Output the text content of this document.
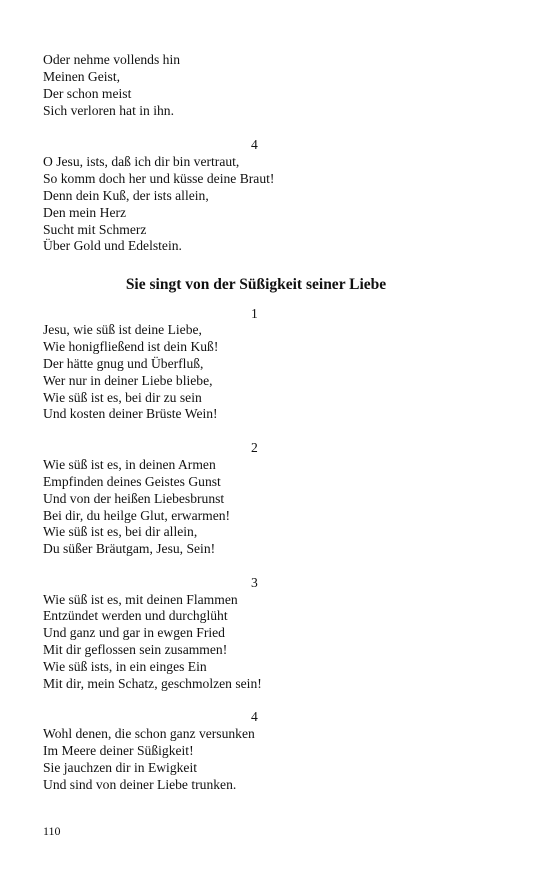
Oder nehme vollends hin
Meinen Geist,
Der schon meist
Sich verloren hat in ihn.
4
O Jesu, ists, daß ich dir bin vertraut,
So komm doch her und küsse deine Braut!
Denn dein Kuß, der ists allein,
Den mein Herz
Sucht mit Schmerz
Über Gold und Edelstein.
Sie singt von der Süßigkeit seiner Liebe
1
Jesu, wie süß ist deine Liebe,
Wie honigfließend ist dein Kuß!
Der hätte gnug und Überfluß,
Wer nur in deiner Liebe bliebe,
Wie süß ist es, bei dir zu sein
Und kosten deiner Brüste Wein!
2
Wie süß ist es, in deinen Armen
Empfinden deines Geistes Gunst
Und von der heißen Liebesbrunst
Bei dir, du heilge Glut, erwarmen!
Wie süß ist es, bei dir allein,
Du süßer Bräutgam, Jesu, Sein!
3
Wie süß ist es, mit deinen Flammen
Entzündet werden und durchglüht
Und ganz und gar in ewgen Fried
Mit dir geflossen sein zusammen!
Wie süß ists, in ein einges Ein
Mit dir, mein Schatz, geschmolzen sein!
4
Wohl denen, die schon ganz versunken
Im Meere deiner Süßigkeit!
Sie jauchzen dir in Ewigkeit
Und sind von deiner Liebe trunken.
110
